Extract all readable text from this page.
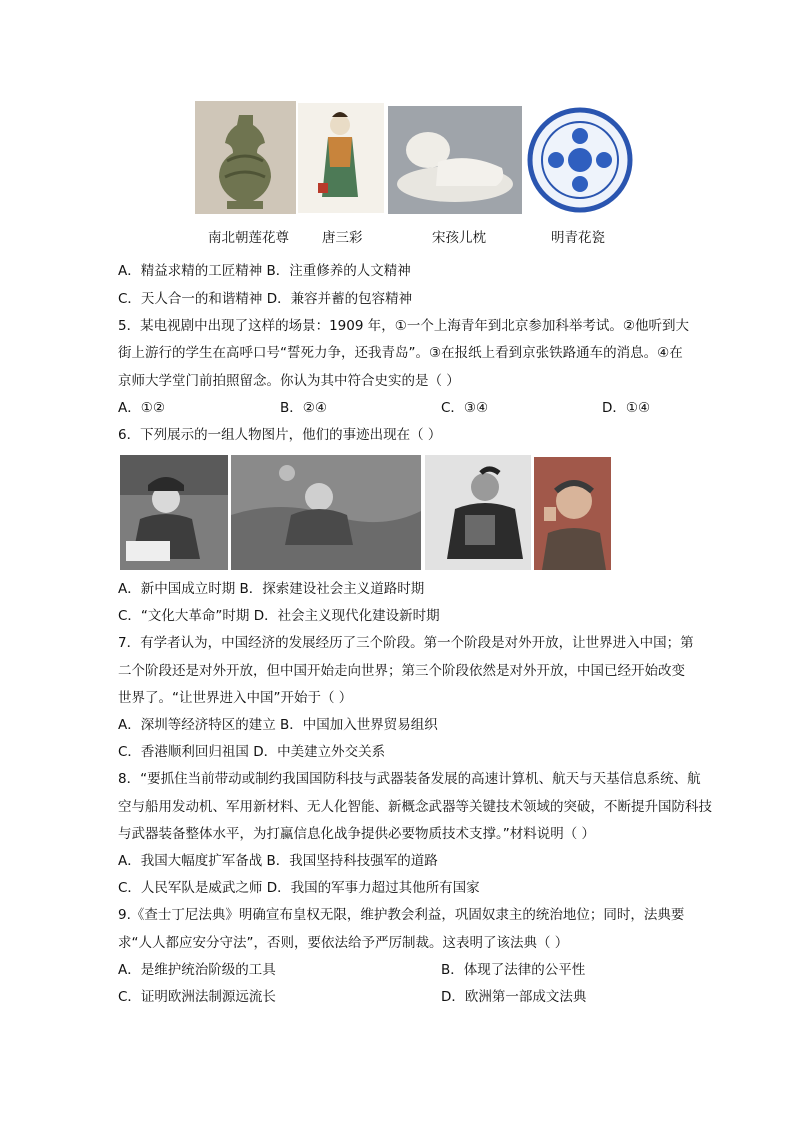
南北朝莲花尊 唐三彩	宋孩儿枕	明青花瓷
A．精益求精的工匠精神 B．注重修养的人文精神
C．天人合一的和谐精神 D．兼容并蓄的包容精神
5．某电视剧中出现了这样的场景：1909 年，①一个上海青年到北京参加科举考试。②他听到大
街上游行的学生在高呼口号“誓死力争，还我青岛”。③在报纸上看到京张铁路通车的消息。④在
京师大学堂门前拍照留念。你认为其中符合史实的是（ ）
A．①②	B．②④	C．③④	D．①④
6．下列展示的一组人物图片，他们的事迹出现在（ ）
A．新中国成立时期 B．探索建设社会主义道路时期
C．“文化大革命”时期 D．社会主义现代化建设新时期
7．有学者认为，中国经济的发展经历了三个阶段。第一个阶段是对外开放，让世界进入中国；第
二个阶段还是对外开放，但中国开始走向世界；第三个阶段依然是对外开放，中国已经开始改变
世界了。“让世界进入中国”开始于（ ）
A．深圳等经济特区的建立 B．中国加入世界贸易组织
C．香港顺利回归祖国 D．中美建立外交关系
8．“要抓住当前带动或制约我国国防科技与武器装备发展的高速计算机、航天与天基信息系统、航
空与船用发动机、军用新材料、无人化智能、新概念武器等关键技术领域的突破，不断提升国防科技
与武器装备整体水平，为打赢信息化战争提供必要物质技术支撑。”材料说明（ ）
A．我国大幅度扩军备战 B．我国坚持科技强军的道路
C．人民军队是威武之师 D．我国的军事力超过其他所有国家
9.《查士丁尼法典》明确宣布皇权无限，维护教会利益，巩固奴隶主的统治地位；同时，法典要
求“人人都应安分守法”，否则，要依法给予严厉制裁。这表明了该法典（ ）
A．是维护统治阶级的工具	B．体现了法律的公平性
C．证明欧洲法制源远流长	D．欧洲第一部成文法典
